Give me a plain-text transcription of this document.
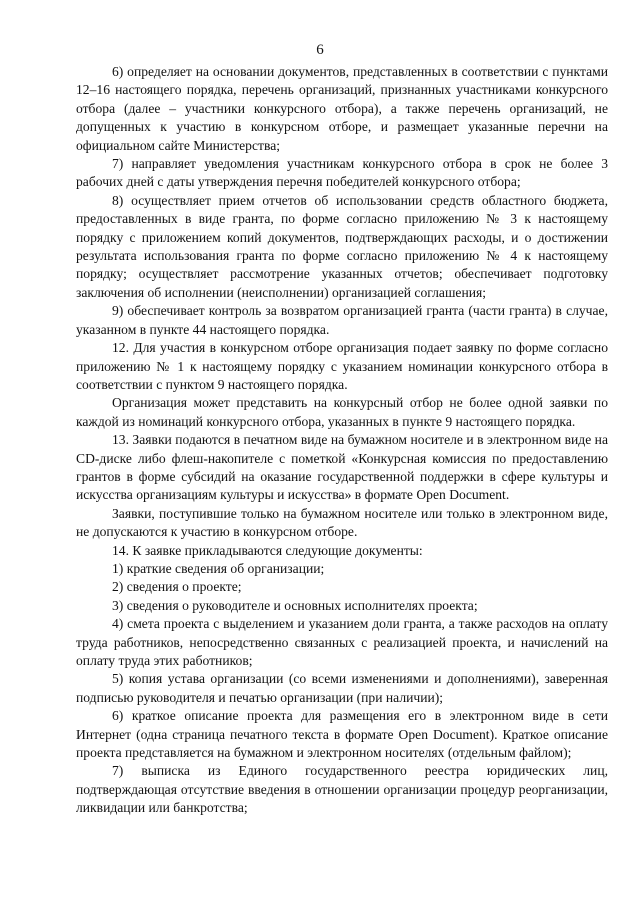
6

6) определяет на основании документов, представленных в соответствии с пунктами 12–16 настоящего порядка, перечень организаций, признанных участниками конкурсного отбора (далее – участники конкурсного отбора), а также перечень организаций, не допущенных к участию в конкурсном отборе, и размещает указанные перечни на официальном сайте Министерства;

7) направляет уведомления участникам конкурсного отбора в срок не более 3 рабочих дней с даты утверждения перечня победителей конкурсного отбора;

8) осуществляет прием отчетов об использовании средств областного бюджета, предоставленных в виде гранта, по форме согласно приложению № 3 к настоящему порядку с приложением копий документов, подтверждающих расходы, и о достижении результата использования гранта по форме согласно приложению № 4 к настоящему порядку; осуществляет рассмотрение указанных отчетов; обеспечивает подготовку заключения об исполнении (неисполнении) организацией соглашения;

9) обеспечивает контроль за возвратом организацией гранта (части гранта) в случае, указанном в пункте 44 настоящего порядка.

12. Для участия в конкурсном отборе организация подает заявку по форме согласно приложению № 1 к настоящему порядку с указанием номинации конкурсного отбора в соответствии с пунктом 9 настоящего порядка.

Организация может представить на конкурсный отбор не более одной заявки по каждой из номинаций конкурсного отбора, указанных в пункте 9 настоящего порядка.

13. Заявки подаются в печатном виде на бумажном носителе и в электронном виде на CD-диске либо флеш-накопителе с пометкой «Конкурсная комиссия по предоставлению грантов в форме субсидий на оказание государственной поддержки в сфере культуры и искусства организациям культуры и искусства» в формате Open Document.

Заявки, поступившие только на бумажном носителе или только в электронном виде, не допускаются к участию в конкурсном отборе.

14. К заявке прикладываются следующие документы:

1) краткие сведения об организации;

2) сведения о проекте;

3) сведения о руководителе и основных исполнителях проекта;

4) смета проекта с выделением и указанием доли гранта, а также расходов на оплату труда работников, непосредственно связанных с реализацией проекта, и начислений на оплату труда этих работников;

5) копия устава организации (со всеми изменениями и дополнениями), заверенная подписью руководителя и печатью организации (при наличии);

6) краткое описание проекта для размещения его в электронном виде в сети Интернет (одна страница печатного текста в формате Open Document). Краткое описание проекта представляется на бумажном и электронном носителях (отдельным файлом);

7) выписка из Единого государственного реестра юридических лиц, подтверждающая отсутствие введения в отношении организации процедур реорганизации, ликвидации или банкротства;
